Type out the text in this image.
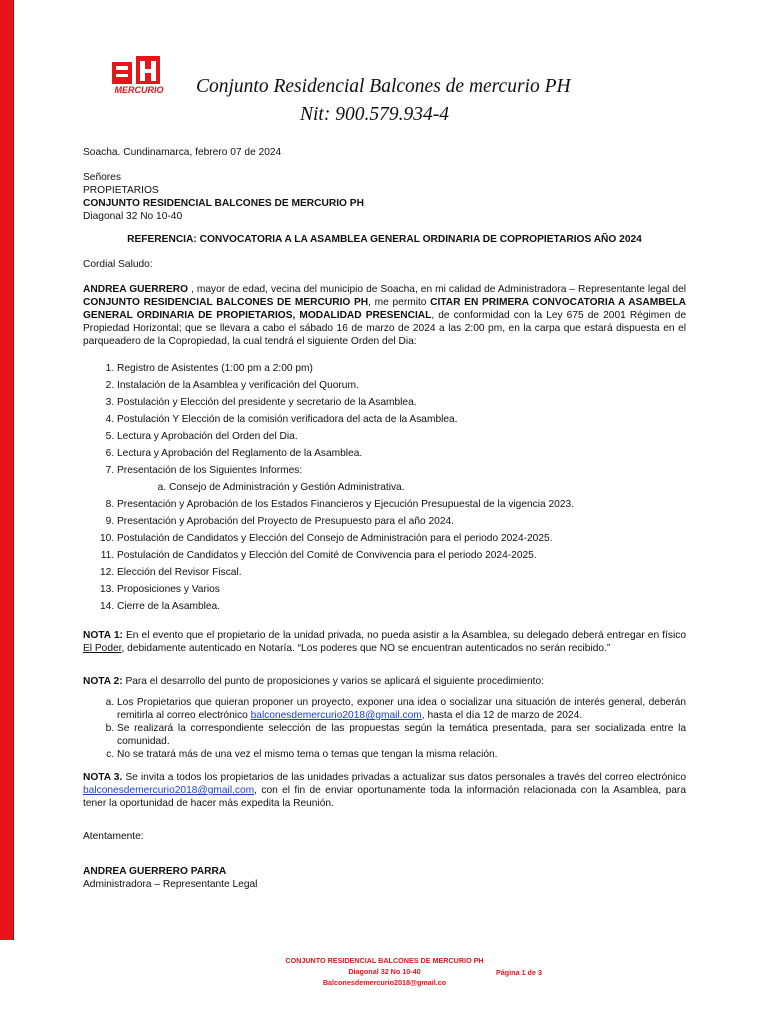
MERCURIO Conjunto Residencial Balcones de mercurio PH
Nit: 900.579.934-4

Soacha. Cundinamarca, febrero 07 de 2024

Señores

PROPIETARIOS

CONJUNTO RESIDENCIAL BALCONES DE MERCURIO PH

Diagonal 32 No 10-40

REFERENCIA: CONVOCATORIA A LA ASAMBLEA GENERAL ORDINARIA DE COPROPIETARIOS AÑO 2024

Cordial Saludo:

ANDREA GUERRERO , mayor de edad, vecina del municipio de Soacha, en mi calidad de Administradora – Representante legal del CONJUNTO RESIDENCIAL BALCONES DE MERCURIO PH, me permito CITAR EN PRIMERA CONVOCATORIA A ASAMBELA GENERAL ORDINARIA DE PROPIETARIOS, MODALIDAD PRESENCIAL, de conformidad con la Ley 675 de 2001 Régimen de Propiedad Horizontal; que se llevara a cabo el sábado 16 de marzo de 2024 a las 2:00 pm, en la carpa que estará dispuesta en el parqueadero de la Copropiedad, la cual tendrá el siguiente Orden del Dia:

1. Registro de Asistentes (1:00 pm a 2:00 pm)
2. Instalación de la Asamblea y verificación del Quorum.
3. Postulación y Elección del presidente y secretario de la Asamblea.
4. Postulación Y Elección de la comisión verificadora del acta de la Asamblea.
5. Lectura y Aprobación del Orden del Dia.
6. Lectura y Aprobación del Reglamento de la Asamblea.
7. Presentación de los Siguientes Informes:
a. Consejo de Administración y Gestión Administrativa.
8. Presentación y Aprobación de los Estados Financieros y Ejecución Presupuestal de la vigencia 2023.
9. Presentación y Aprobación del Proyecto de Presupuesto para el año 2024.
10. Postulación de Candidatos y Elección del Consejo de Administración para el periodo 2024-2025.
11. Postulación de Candidatos y Elección del Comité de Convivencia para el periodo 2024-2025.
12. Elección del Revisor Fiscal.
13. Proposiciones y Varios
14. Cierre de la Asamblea.

NOTA 1: En el evento que el propietario de la unidad privada, no pueda asistir a la Asamblea, su delegado deberá entregar en físico El Poder, debidamente autenticado en Notaría. “Los poderes que NO se encuentran autenticados no serán recibido.”

NOTA 2: Para el desarrollo del punto de proposiciones y varios se aplicará el siguiente procedimiento:

a. Los Propietarios que quieran proponer un proyecto, exponer una idea o socializar una situación de interés general, deberán remitirla al correo electrónico balconesdemercurio2018@gmail.com, hasta el día 12 de marzo de 2024.
b. Se realizará la correspondiente selección de las propuestas según la temática presentada, para ser socializada entre la comunidad.
c. No se tratará más de una vez el mismo tema o temas que tengan la misma relación.

NOTA 3. Se invita a todos los propietarios de las unidades privadas a actualizar sus datos personales a través del correo electrónico balconesdemercurio2018@gmail.com, con el fin de enviar oportunamente toda la información relacionada con la Asamblea, para tener la oportunidad de hacer más expedita la Reunión.

Atentamente:

ANDREA GUERRERO PARRA

Administradora – Representante Legal

CONJUNTO RESIDENCIAL BALCONES DE MERCURIO PH
Diagonal 32 No 10-40
Balconesdemercurio2018@gmail.co
Página 1 de 3
